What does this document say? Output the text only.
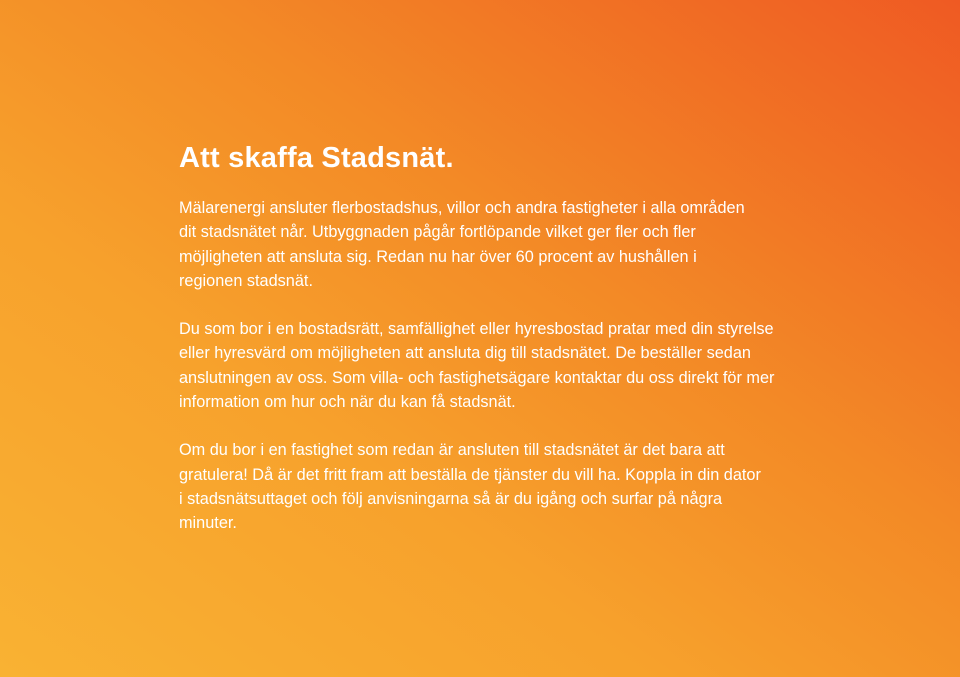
Att skaffa Stadsnät.

Mälarenergi ansluter flerbostadshus, villor och andra fastigheter i alla områden dit stadsnätet når. Utbyggnaden pågår fortlöpande vilket ger fler och fler möjligheten att ansluta sig. Redan nu har över 60 procent av hushållen i regionen stadsnät.

Du som bor i en bostadsrätt, samfällighet eller hyresbostad pratar med din styrelse eller hyresvärd om möjligheten att ansluta dig till stadsnätet. De beställer sedan anslutningen av oss. Som villa- och fastighetsägare kontaktar du oss direkt för mer information om hur och när du kan få stadsnät.

Om du bor i en fastighet som redan är ansluten till stadsnätet är det bara att gratulera! Då är det fritt fram att beställa de tjänster du vill ha. Koppla in din dator i stadsnätsuttaget och följ anvisningarna så är du igång och surfar på några minuter.
